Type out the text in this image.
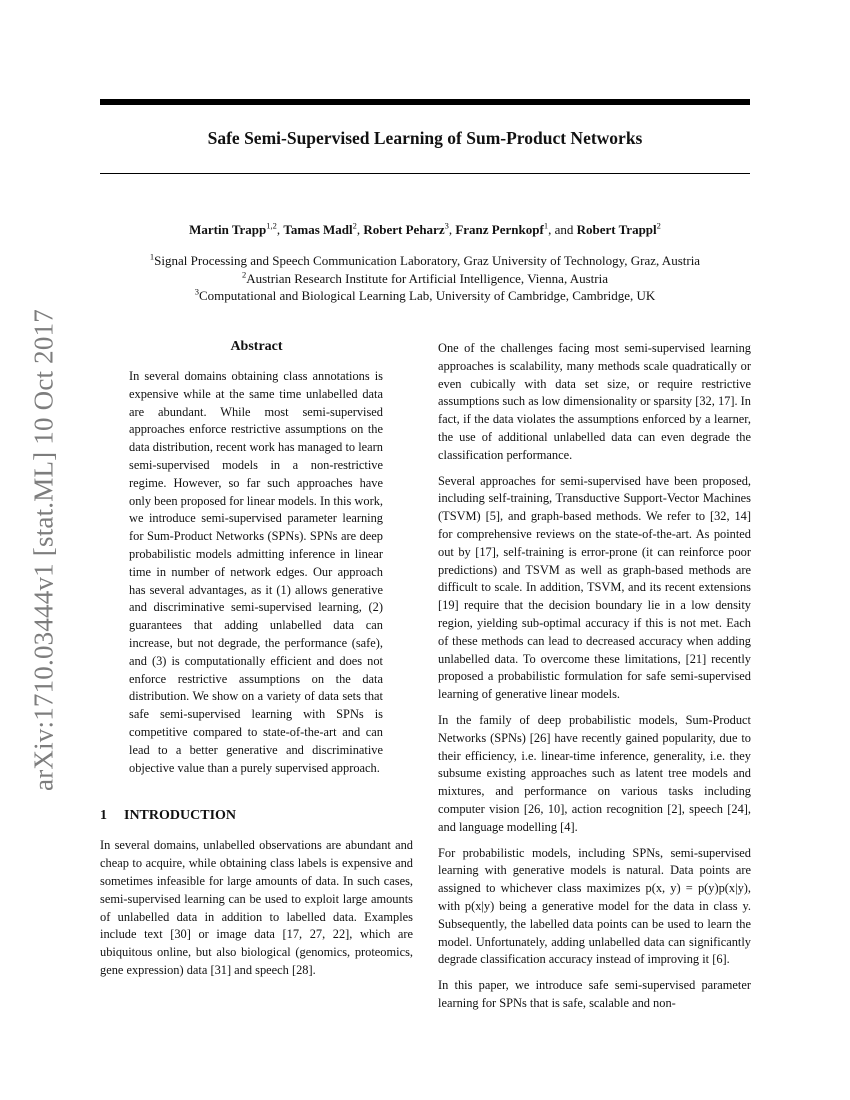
Safe Semi-Supervised Learning of Sum-Product Networks
Martin Trapp$^{1,2}$, Tamas Madl$^2$, Robert Peharz$^3$, Franz Pernkopf$^1$, and Robert Trappl$^2$
$^1$Signal Processing and Speech Communication Laboratory, Graz University of Technology, Graz, Austria
$^2$Austrian Research Institute for Artificial Intelligence, Vienna, Austria
$^3$Computational and Biological Learning Lab, University of Cambridge, Cambridge, UK
arXiv:1710.03444v1 [stat.ML] 10 Oct 2017	Abstract
In several domains obtaining class annotations is expensive while at the same time unlabelled data are abundant. While most semi-supervised approaches enforce restrictive assumptions on the data distribution, recent work has managed to learn semi-supervised models in a non-restrictive regime. However, so far such approaches have only been proposed for linear models. In this work, we introduce semi-supervised parameter learning for Sum-Product Networks (SPNs). SPNs are deep probabilistic models admitting inference in linear time in number of network edges. Our approach has several advantages, as it (1) allows generative and discriminative semi-supervised learning, (2) guarantees that adding unlabelled data can increase, but not degrade, the performance (safe), and (3) is computationally efficient and does not enforce restrictive assumptions on the data distribution. We show on a variety of data sets that safe semi-supervised learning with SPNs is competitive compared to state-of-the-art and can lead to a better generative and discriminative objective value than a purely supervised approach.
1 INTRODUCTION

In several domains, unlabelled observations are abundant and cheap to acquire, while obtaining class labels is expensive and sometimes infeasible for large amounts of data. In such cases, semi-supervised learning can be used to exploit large amounts of unlabelled data in addition to labelled data. Examples include text [30] or image data [17, 27, 22], which are ubiquitous online, but also biological (genomics, proteomics, gene expression) data [31] and speech [28].

One of the challenges facing most semi-supervised learning approaches is scalability, many methods scale quadratically or even cubically with data set size, or require restrictive assumptions such as low dimensionality or sparsity [32, 17]. In fact, if the data violates the assumptions enforced by a learner, the use of additional unlabelled data can even degrade the classification performance.

Several approaches for semi-supervised have been proposed, including self-training, Transductive Support-Vector Machines (TSVM) [5], and graph-based methods. We refer to [32, 14] for comprehensive reviews on the state-of-the-art. As pointed out by [17], self-training is error-prone (it can reinforce poor predictions) and TSVM as well as graph-based methods are difficult to scale. In addition, TSVM, and its recent extensions [19] require that the decision boundary lie in a low density region, yielding sub-optimal accuracy if this is not met. Each of these methods can lead to decreased accuracy when adding unlabelled data. To overcome these limitations, [21] recently proposed a probabilistic formulation for safe semi-supervised learning of generative linear models.

In the family of deep probabilistic models, Sum-Product Networks (SPNs) [26] have recently gained popularity, due to their efficiency, i.e. linear-time inference, generality, i.e. they subsume existing approaches such as latent tree models and mixtures, and performance on various tasks including computer vision [26, 10], action recognition [2], speech [24], and language modelling [4].

For probabilistic models, including SPNs, semi-supervised learning with generative models is natural. Data points are assigned to whichever class maximizes p(x, y) = p(y)p(x|y), with p(x|y) being a generative model for the data in class y. Subsequently, the labelled data points can be used to learn the model. Unfortunately, adding unlabelled data can significantly degrade classification accuracy instead of improving it [6].

In this paper, we introduce safe semi-supervised parameter learning for SPNs that is safe, scalable and non-
